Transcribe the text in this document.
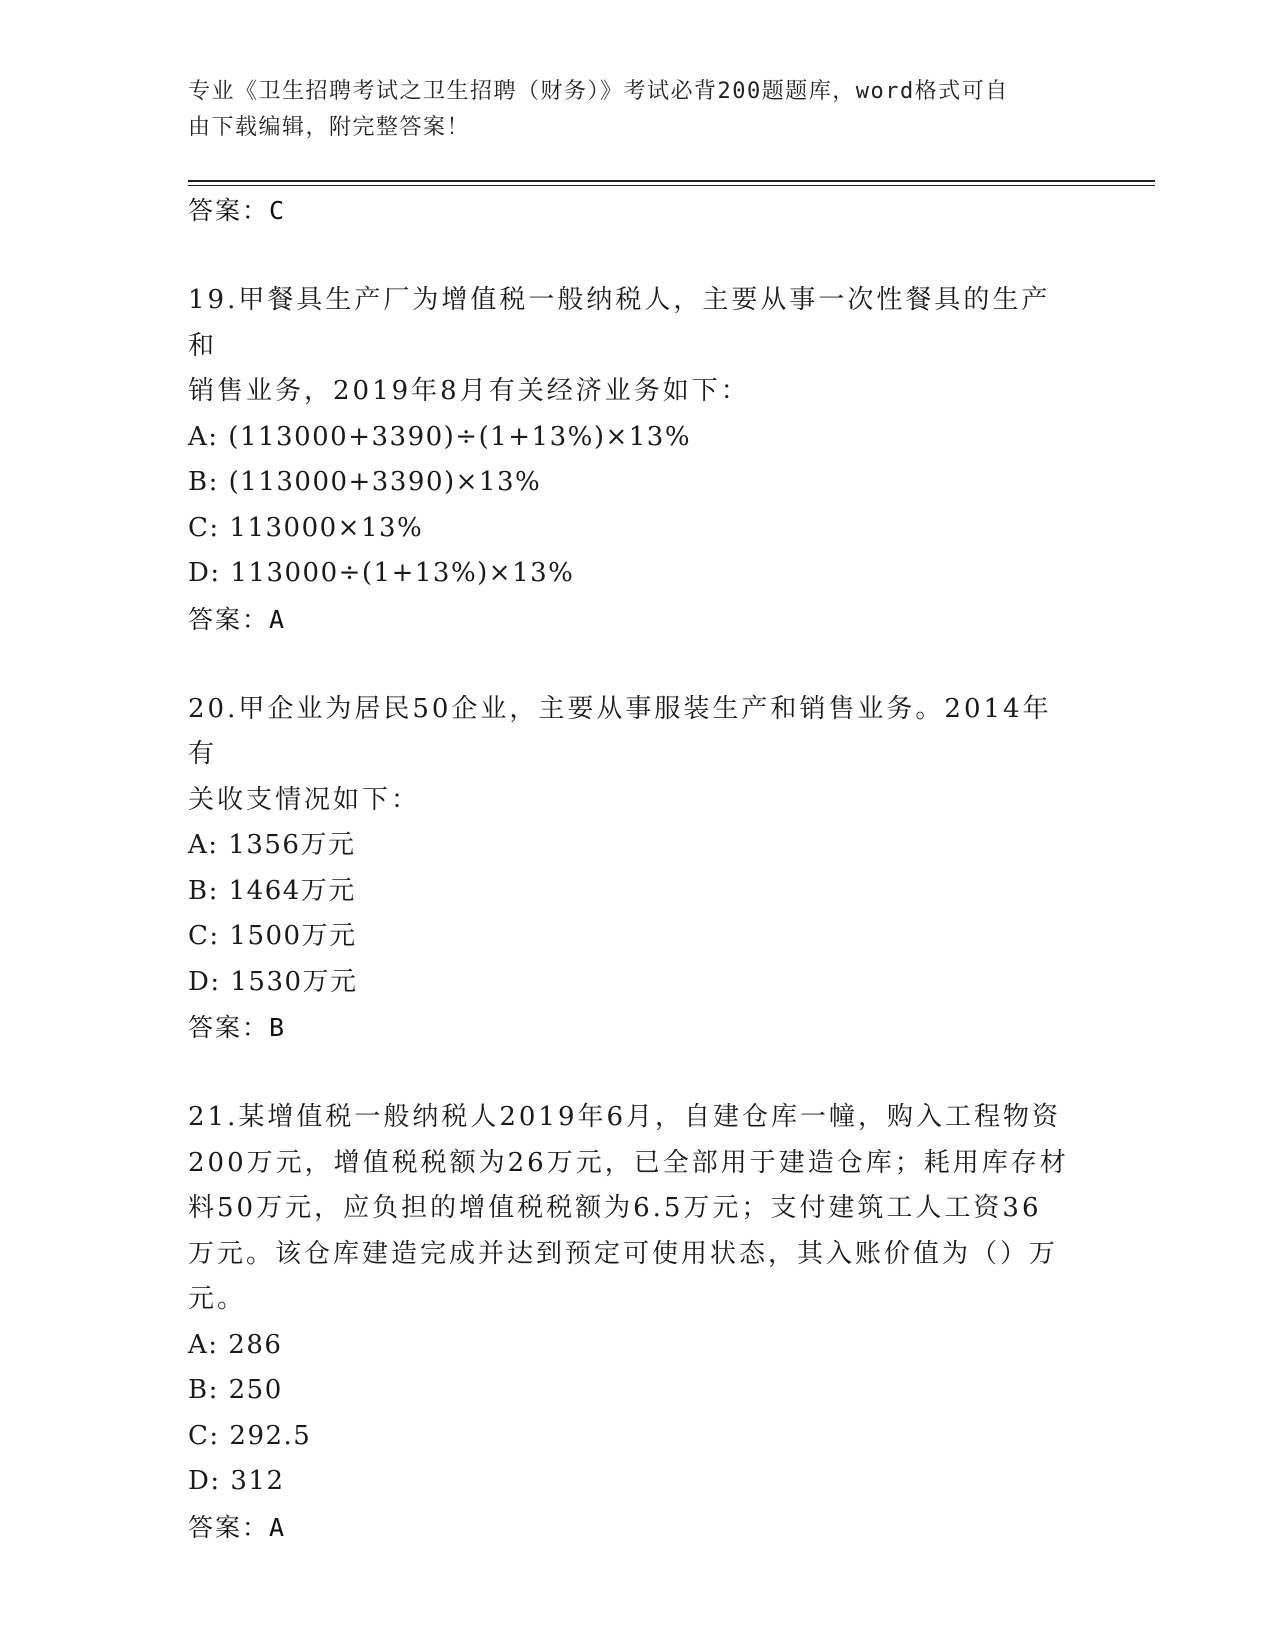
专业《卫生招聘考试之卫生招聘（财务）》考试必背200题题库，word格式可自
由下载编辑，附完整答案！
答案：C
19.甲餐具生产厂为增值税一般纳税人，主要从事一次性餐具的生产和
销售业务，2019年8月有关经济业务如下：
A: (113000+3390)÷(1+13%)×13%
B: (113000+3390)×13%
C: 113000×13%
D: 113000÷(1+13%)×13%
答案：A
20.甲企业为居民50企业，主要从事服装生产和销售业务。2014年有
关收支情况如下：
A: 1356万元
B: 1464万元
C: 1500万元
D: 1530万元
答案：B
21.某增值税一般纳税人2019年6月，自建仓库一幢，购入工程物资
200万元，增值税税额为26万元，已全部用于建造仓库；耗用库存材
料50万元，应负担的增值税税额为6.5万元；支付建筑工人工资36
万元。该仓库建造完成并达到预定可使用状态，其入账价值为（）万
元。
A: 286
B: 250
C: 292.5
D: 312
答案：A
